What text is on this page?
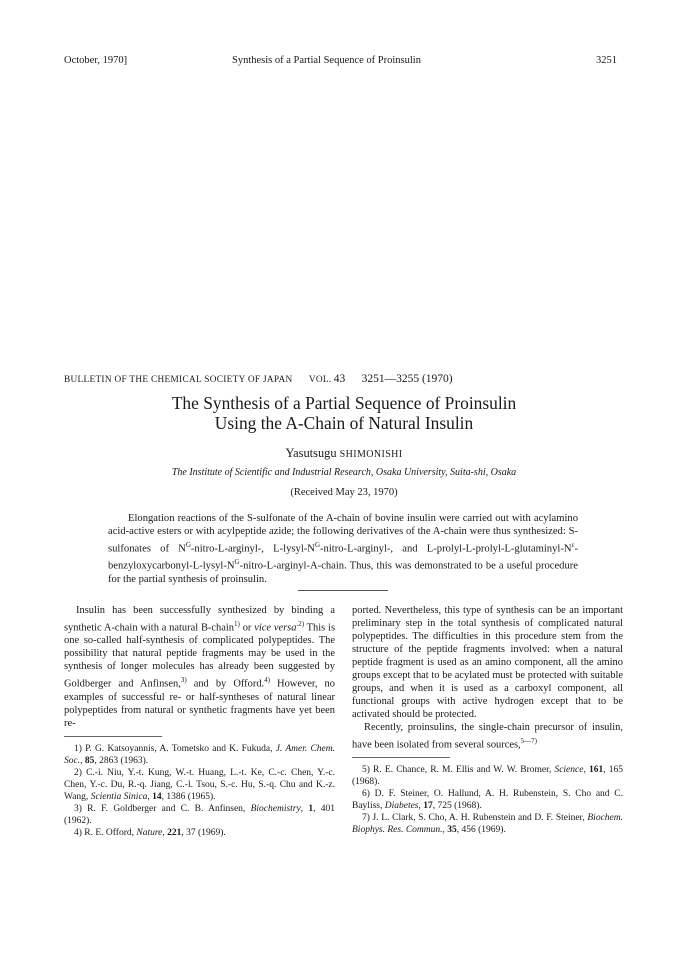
October, 1970]	Synthesis of a Partial Sequence of Proinsulin	3251
BULLETIN OF THE CHEMICAL SOCIETY OF JAPAN VOL. 43 3251—3255 (1970)
The Synthesis of a Partial Sequence of Proinsulin
Using the A-Chain of Natural Insulin
Yasutsugu SHIMONISHI
The Institute of Scientific and Industrial Research, Osaka University, Suita-shi, Osaka
(Received May 23, 1970)

Elongation reactions of the S-sulfonate of the A-chain of bovine insulin were carried out with acylamino acid-active esters or with acylpeptide azide; the following derivatives of the A-chain were thus synthesized: S-sulfonates of $N^G-nitro-L-arginyl-$, $L-lysyl-N^G-nitro-L-arginyl-$, and $L-prolyl-L-prolyl-L-glutaminyl-N^\varepsilon-benzyloxycarbonyl-L-lysyl-N^G-nitro-L-arginyl-A$-chain. Thus, this was demonstrated to be a useful procedure for the partial synthesis of proinsulin.

Insulin has been successfully synthesized by binding a synthetic A-chain with a natural B-chain$^{1)}$ or vice versa$^{.2)}$ This is one so-called half-synthesis of complicated polypeptides. The possibility that natural peptide fragments may be used in the synthesis of longer molecules has already been suggested by Goldberger and Anfinsen,$^{3)}$ and by Offord.$^{4)}$ However, no examples of successful re- or half-syntheses of natural linear polypeptides from natural or synthetic fragments have yet been re-

1) P. G. Katsoyannis, A. Tometsko and K. Fukuda, J. Amer. Chem. Soc., 85, 2863 (1963).

2) C.-i. Niu, Y.-t. Kung, W.-t. Huang, L.-t. Ke, C.-c. Chen, Y.-c. Chen, Y.-c. Du, R.-q. Jiang, C.-l. Tsou, S.-c. Hu, S.-q. Chu and K.-z. Wang, Scientia Sinica, 14, 1386 (1965).

3) R. F. Goldberger and C. B. Anfinsen, Biochemistry, 1, 401 (1962).

4) R. E. Offord, Nature, 221, 37 (1969).

ported. Nevertheless, this type of synthesis can be an important preliminary step in the total synthesis of complicated natural polypeptides. The difficulties in this procedure stem from the structure of the peptide fragments involved: when a natural peptide fragment is used as an amino component, all the amino groups except that to be acylated must be protected with suitable groups, and when it is used as a carboxyl component, all functional groups with active hydrogen except that to be activated should be protected.

Recently, proinsulins, the single-chain precursor of insulin, have been isolated from several sources,$^{5—7)}$

5) R. E. Chance, R. M. Ellis and W. W. Bromer, Science, 161, 165 (1968).

6) D. F. Steiner, O. Hallund, A. H. Rubenstein, S. Cho and C. Bayliss, Diabetes, 17, 725 (1968).

7) J. L. Clark, S. Cho, A. H. Rubenstein and D. F. Steiner, Biochem. Biophys. Res. Commun., 35, 456 (1969).
